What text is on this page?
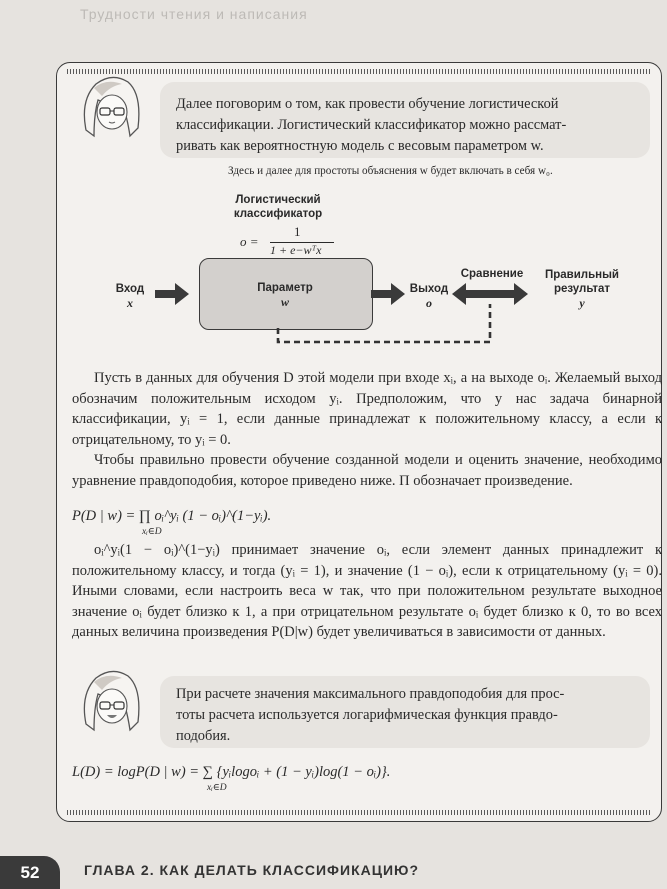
Трудности чтения и написания
Далее поговорим о том, как провести обучение логистической
классификации. Логистический классификатор можно рассмат-
ривать как вероятностную модель с весовым параметром w.
Здесь и далее для простоты объяснения w будет включать в себя w₀.
Логистический
классификатор
o =
1
1 + e−wᵀx
Вход
x
Параметр
w
Выход
o
Сравнение	Правильный
результат
y
Пусть в данных для обучения D этой модели при входе xᵢ, а на выходе oᵢ. Желаемый выход обозначим положительным исходом yᵢ. Предположим, что у нас задача бинарной классификации, yᵢ = 1, если данные принадлежат к положительному классу, а если к отрицательному, то yᵢ = 0.
Чтобы правильно провести обучение созданной модели и оценить значение, необходимо уравнение правдоподобия, которое приведено ниже. Π обозначает произведение.
P(D | w) = ∏ oᵢ^yᵢ (1 − oᵢ)^(1−yᵢ).
xᵢ∈D
oᵢ^yᵢ(1 − oᵢ)^(1−yᵢ) принимает значение oᵢ, если элемент данных принадлежит к положительному классу, и тогда (yᵢ = 1), и значение (1 − oᵢ), если к отрицательному (yᵢ = 0). Иными словами, если настроить веса w так, что при положительном результате выходное значение oᵢ будет близко к 1, а при отрицательном результате oᵢ будет близко к 0, то во всех данных величина произведения P(D|w) будет увеличиваться в зависимости от данных.
При расчете значения максимального правдоподобия для прос-
тоты расчета используется логарифмическая функция правдо-
подобия.
L(D) = logP(D | w) = ∑ {yᵢlogoᵢ + (1 − yᵢ)log(1 − oᵢ)}.
xᵢ∈D
52	ГЛАВА 2. КАК ДЕЛАТЬ КЛАССИФИКАЦИЮ?
